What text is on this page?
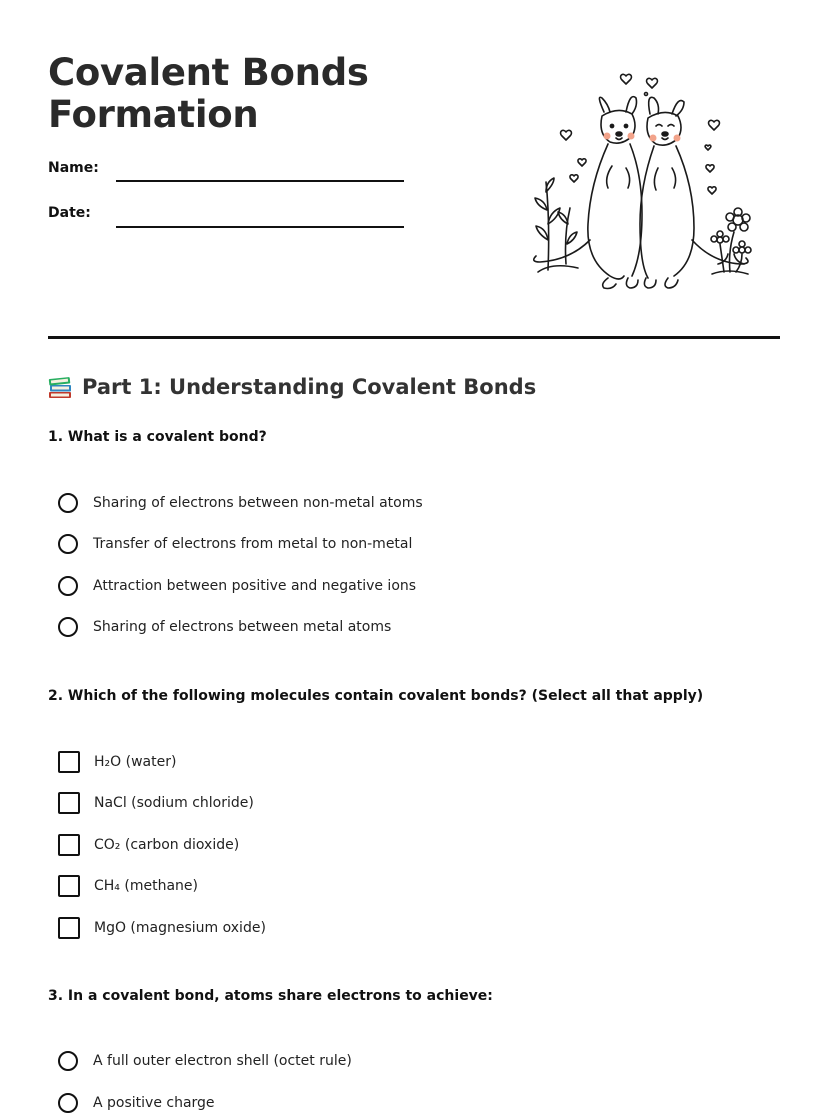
Covalent Bonds
Formation
Name:
Date:
Part 1: Understanding Covalent Bonds

1. What is a covalent bond?

Sharing of electrons between non-metal atoms
Transfer of electrons from metal to non-metal
Attraction between positive and negative ions
Sharing of electrons between metal atoms

2. Which of the following molecules contain covalent bonds? (Select all that apply)

H₂O (water)
NaCl (sodium chloride)
CO₂ (carbon dioxide)
CH₄ (methane)
MgO (magnesium oxide)

3. In a covalent bond, atoms share electrons to achieve:

A full outer electron shell (octet rule)
A positive charge
